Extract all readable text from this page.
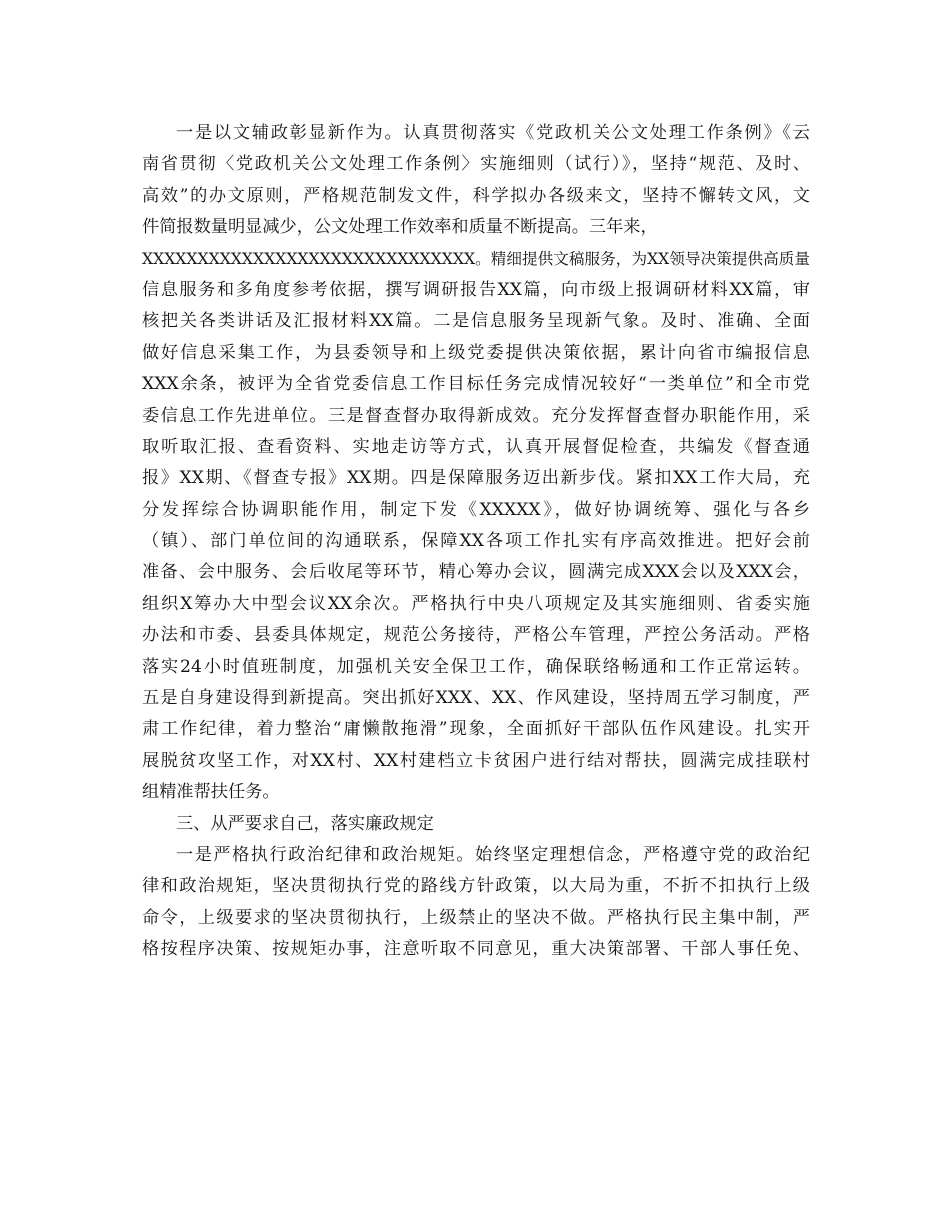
一是以文辅政彰显新作为。认真贯彻落实《党政机关公文处理工作条例》《云
南省贯彻〈党政机关公文处理工作条例〉实施细则（试行）》，坚持“规范、及时、
高效”的办文原则，严格规范制发文件，科学拟办各级来文，坚持不懈转文风，文
件简报数量明显减少，公文处理工作效率和质量不断提高。三年来，
XXXXXXXXXXXXXXXXXXXXXXXXXXXXXX。精细提供文稿服务，为XX领导决策提供高质量
信息服务和多角度参考依据，撰写调研报告XX篇，向市级上报调研材料XX篇，审
核把关各类讲话及汇报材料XX篇。二是信息服务呈现新气象。及时、准确、全面
做好信息采集工作，为县委领导和上级党委提供决策依据，累计向省市编报信息
XXX余条，被评为全省党委信息工作目标任务完成情况较好“一类单位”和全市党
委信息工作先进单位。三是督查督办取得新成效。充分发挥督查督办职能作用，采
取听取汇报、查看资料、实地走访等方式，认真开展督促检查，共编发《督查通
报》XX期、《督查专报》XX期。四是保障服务迈出新步伐。紧扣XX工作大局，充
分发挥综合协调职能作用，制定下发《XXXXX》，做好协调统筹、强化与各乡
（镇）、部门单位间的沟通联系，保障XX各项工作扎实有序高效推进。把好会前
准备、会中服务、会后收尾等环节，精心筹办会议，圆满完成XXX会以及XXX会，
组织X筹办大中型会议XX余次。严格执行中央八项规定及其实施细则、省委实施
办法和市委、县委具体规定，规范公务接待，严格公车管理，严控公务活动。严格
落实24小时值班制度，加强机关安全保卫工作，确保联络畅通和工作正常运转。
五是自身建设得到新提高。突出抓好XXX、XX、作风建设，坚持周五学习制度，严
肃工作纪律，着力整治“庸懒散拖滑”现象，全面抓好干部队伍作风建设。扎实开
展脱贫攻坚工作，对XX村、XX村建档立卡贫困户进行结对帮扶，圆满完成挂联村
组精准帮扶任务。
三、从严要求自己，落实廉政规定
一是严格执行政治纪律和政治规矩。始终坚定理想信念，严格遵守党的政治纪
律和政治规矩，坚决贯彻执行党的路线方针政策，以大局为重，不折不扣执行上级
命令，上级要求的坚决贯彻执行，上级禁止的坚决不做。严格执行民主集中制，严
格按程序决策、按规矩办事，注意听取不同意见，重大决策部署、干部人事任免、
